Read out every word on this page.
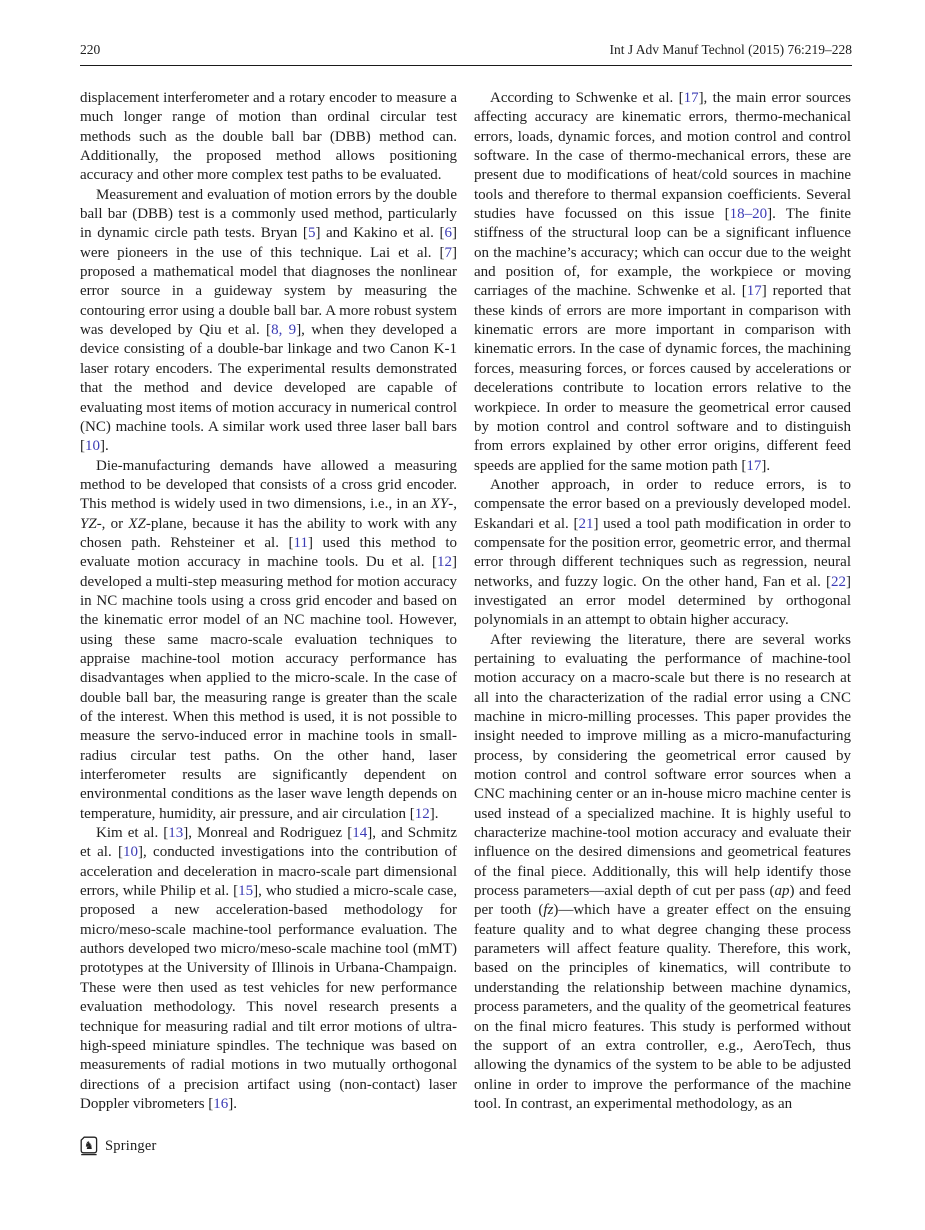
220	Int J Adv Manuf Technol (2015) 76:219–228

displacement interferometer and a rotary encoder to measure a much longer range of motion than ordinal circular test methods such as the double ball bar (DBB) method can. Additionally, the proposed method allows positioning accuracy and other more complex test paths to be evaluated.

Measurement and evaluation of motion errors by the double ball bar (DBB) test is a commonly used method, particularly in dynamic circle path tests. Bryan [5] and Kakino et al. [6] were pioneers in the use of this technique. Lai et al. [7] proposed a mathematical model that diagnoses the nonlinear error source in a guideway system by measuring the contouring error using a double ball bar. A more robust system was developed by Qiu et al. [8, 9], when they developed a device consisting of a double-bar linkage and two Canon K-1 laser rotary encoders. The experimental results demonstrated that the method and device developed are capable of evaluating most items of motion accuracy in numerical control (NC) machine tools. A similar work used three laser ball bars [10].

Die-manufacturing demands have allowed a measuring method to be developed that consists of a cross grid encoder. This method is widely used in two dimensions, i.e., in an XY-, YZ-, or XZ-plane, because it has the ability to work with any chosen path. Rehsteiner et al. [11] used this method to evaluate motion accuracy in machine tools. Du et al. [12] developed a multi-step measuring method for motion accuracy in NC machine tools using a cross grid encoder and based on the kinematic error model of an NC machine tool. However, using these same macro-scale evaluation techniques to appraise machine-tool motion accuracy performance has disadvantages when applied to the micro-scale. In the case of double ball bar, the measuring range is greater than the scale of the interest. When this method is used, it is not possible to measure the servo-induced error in machine tools in small-radius circular test paths. On the other hand, laser interferometer results are significantly dependent on environmental conditions as the laser wave length depends on temperature, humidity, air pressure, and air circulation [12].

Kim et al. [13], Monreal and Rodriguez [14], and Schmitz et al. [10], conducted investigations into the contribution of acceleration and deceleration in macro-scale part dimensional errors, while Philip et al. [15], who studied a micro-scale case, proposed a new acceleration-based methodology for micro/meso-scale machine-tool performance evaluation. The authors developed two micro/meso-scale machine tool (mMT) prototypes at the University of Illinois in Urbana-Champaign. These were then used as test vehicles for new performance evaluation methodology. This novel research presents a technique for measuring radial and tilt error motions of ultra-high-speed miniature spindles. The technique was based on measurements of radial motions in two mutually orthogonal directions of a precision artifact using (non-contact) laser Doppler vibrometers [16].

According to Schwenke et al. [17], the main error sources affecting accuracy are kinematic errors, thermo-mechanical errors, loads, dynamic forces, and motion control and control software. In the case of thermo-mechanical errors, these are present due to modifications of heat/cold sources in machine tools and therefore to thermal expansion coefficients. Several studies have focussed on this issue [18–20]. The finite stiffness of the structural loop can be a significant influence on the machine’s accuracy; which can occur due to the weight and position of, for example, the workpiece or moving carriages of the machine. Schwenke et al. [17] reported that these kinds of errors are more important in comparison with kinematic errors are more important in comparison with kinematic errors. In the case of dynamic forces, the machining forces, measuring forces, or forces caused by accelerations or decelerations contribute to location errors relative to the workpiece. In order to measure the geometrical error caused by motion control and control software and to distinguish from errors explained by other error origins, different feed speeds are applied for the same motion path [17].

Another approach, in order to reduce errors, is to compensate the error based on a previously developed model. Eskandari et al. [21] used a tool path modification in order to compensate for the position error, geometric error, and thermal error through different techniques such as regression, neural networks, and fuzzy logic. On the other hand, Fan et al. [22] investigated an error model determined by orthogonal polynomials in an attempt to obtain higher accuracy.

After reviewing the literature, there are several works pertaining to evaluating the performance of machine-tool motion accuracy on a macro-scale but there is no research at all into the characterization of the radial error using a CNC machine in micro-milling processes. This paper provides the insight needed to improve milling as a micro-manufacturing process, by considering the geometrical error caused by motion control and control software error sources when a CNC machining center or an in-house micro machine center is used instead of a specialized machine. It is highly useful to characterize machine-tool motion accuracy and evaluate their influence on the desired dimensions and geometrical features of the final piece. Additionally, this will help identify those process parameters—axial depth of cut per pass (ap) and feed per tooth (fz)—which have a greater effect on the ensuing feature quality and to what degree changing these process parameters will affect feature quality. Therefore, this work, based on the principles of kinematics, will contribute to understanding the relationship between machine dynamics, process parameters, and the quality of the geometrical features on the final micro features. This study is performed without the support of an extra controller, e.g., AeroTech, thus allowing the dynamics of the system to be able to be adjusted online in order to improve the performance of the machine tool. In contrast, an experimental methodology, as an

♞ Springer
